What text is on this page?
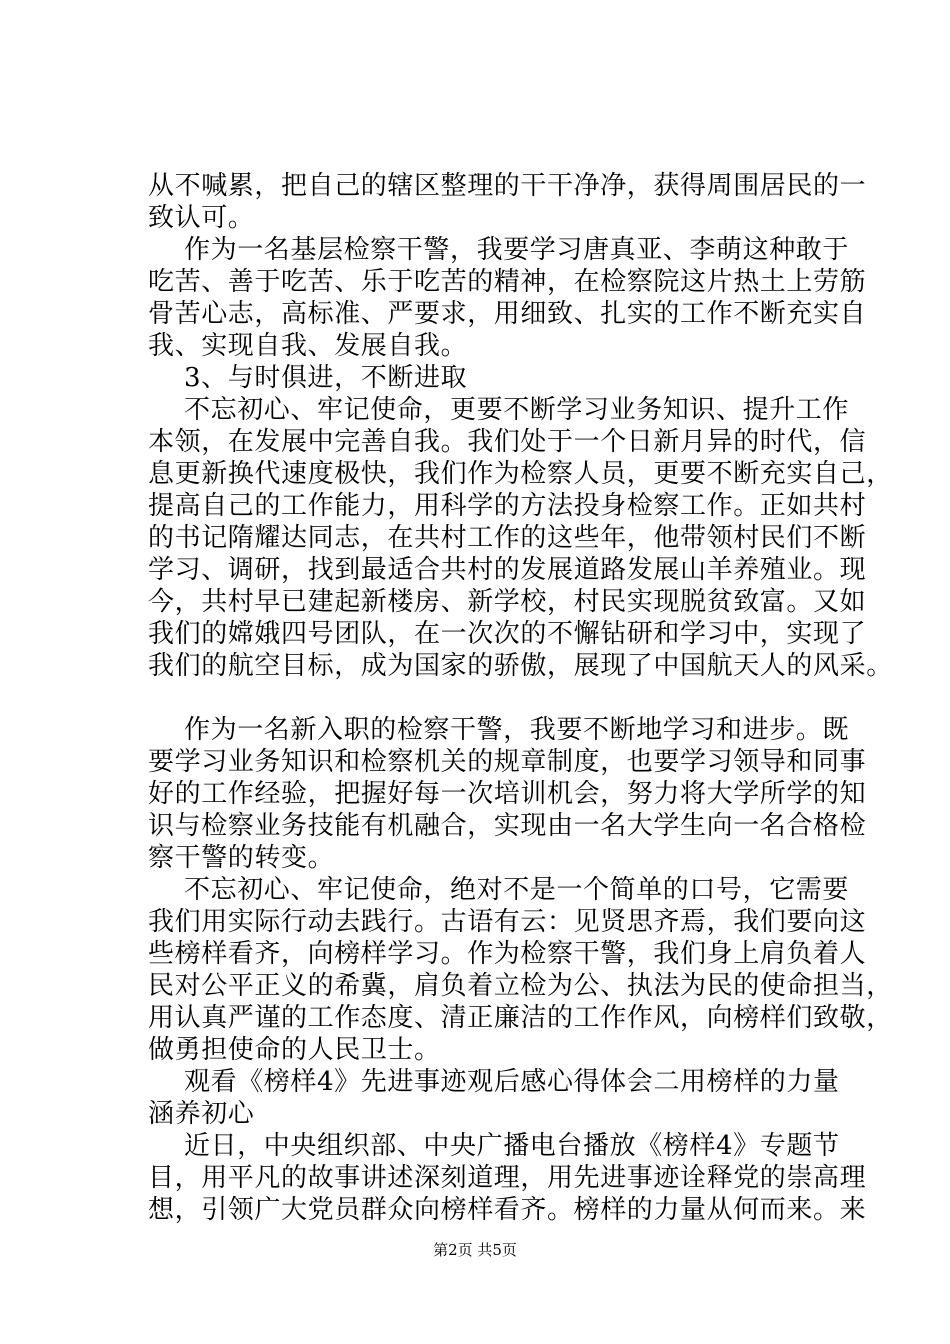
从不喊累，把自己的辖区整理的干干净净，获得周围居民的一
致认可。
作为一名基层检察干警，我要学习唐真亚、李萌这种敢于
吃苦、善于吃苦、乐于吃苦的精神，在检察院这片热土上劳筋
骨苦心志，高标准、严要求，用细致、扎实的工作不断充实自
我、实现自我、发展自我。
3、与时俱进，不断进取
不忘初心、牢记使命，更要不断学习业务知识、提升工作
本领，在发展中完善自我。我们处于一个日新月异的时代，信
息更新换代速度极快，我们作为检察人员，更要不断充实自己，
提高自己的工作能力，用科学的方法投身检察工作。正如共村
的书记隋耀达同志，在共村工作的这些年，他带领村民们不断
学习、调研，找到最适合共村的发展道路发展山羊养殖业。现
今，共村早已建起新楼房、新学校，村民实现脱贫致富。又如
我们的嫦娥四号团队，在一次次的不懈钻研和学习中，实现了
我们的航空目标，成为国家的骄傲，展现了中国航天人的风采。
作为一名新入职的检察干警，我要不断地学习和进步。既
要学习业务知识和检察机关的规章制度，也要学习领导和同事
好的工作经验，把握好每一次培训机会，努力将大学所学的知
识与检察业务技能有机融合，实现由一名大学生向一名合格检
察干警的转变。
不忘初心、牢记使命，绝对不是一个简单的口号，它需要
我们用实际行动去践行。古语有云：见贤思齐焉，我们要向这
些榜样看齐，向榜样学习。作为检察干警，我们身上肩负着人
民对公平正义的希冀，肩负着立检为公、执法为民的使命担当，
用认真严谨的工作态度、清正廉洁的工作作风，向榜样们致敬，
做勇担使命的人民卫士。
观看《榜样4》先进事迹观后感心得体会二用榜样的力量
涵养初心
近日，中央组织部、中央广播电台播放《榜样4》专题节
目，用平凡的故事讲述深刻道理，用先进事迹诠释党的崇高理
想，引领广大党员群众向榜样看齐。榜样的力量从何而来。来
第2页 共5页
